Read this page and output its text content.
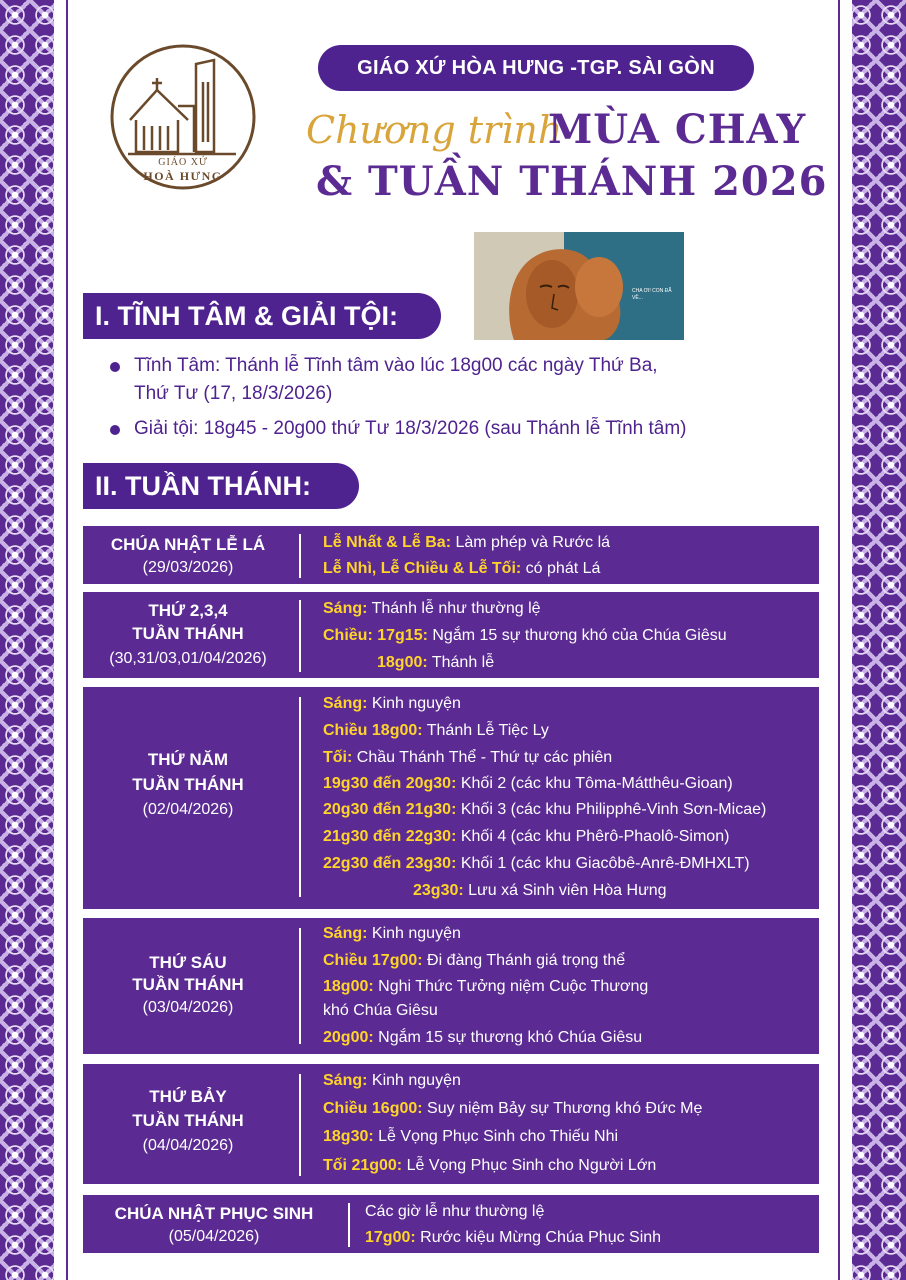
GIÁO XỨ
HOÀ HƯNG
GIÁO XỨ HÒA HƯNG -TGP. SÀI GÒN
Chương trình
MÙA CHAY
& TUẦN THÁNH 2026
CHA ƠI! CON ĐÃ VỀ...
I. TĨNH TÂM & GIẢI TỘI:
Tĩnh Tâm: Thánh lễ Tĩnh tâm vào lúc 18g00 các ngày Thứ Ba,
Thứ Tư (17, 18/3/2026)
Giải tội: 18g45 - 20g00 thứ Tư 18/3/2026 (sau Thánh lễ Tĩnh tâm)
II. TUẦN THÁNH:
CHÚA NHẬT LỄ LÁ
(29/03/2026)
Lễ Nhất & Lễ Ba: Làm phép và Rước lá
Lễ Nhì, Lễ Chiều & Lễ Tối: có phát Lá
THỨ 2,3,4
TUẦN THÁNH
(30,31/03,01/04/2026)
Sáng: Thánh lễ như thường lệ
Chiều: 17g15: Ngắm 15 sự thương khó của Chúa Giêsu
18g00: Thánh lễ
THỨ NĂM
TUẦN THÁNH
(02/04/2026)
Sáng: Kinh nguyện
Chiều 18g00: Thánh Lễ Tiệc Ly
Tối: Chầu Thánh Thể - Thứ tự các phiên
19g30 đến 20g30: Khối 2 (các khu Tôma-Mátthêu-Gioan)
20g30 đến 21g30: Khối 3 (các khu Philipphê-Vinh Sơn-Micae)
21g30 đến 22g30: Khối 4 (các khu Phêrô-Phaolô-Simon)
22g30 đến 23g30: Khối 1 (các khu Giacôbê-Anrê-ĐMHXLT)
23g30: Lưu xá Sinh viên Hòa Hưng
THỨ SÁU
TUẦN THÁNH
(03/04/2026)
Sáng: Kinh nguyện
Chiều 17g00: Đi đàng Thánh giá trọng thể
18g00: Nghi Thức Tưởng niệm Cuộc Thương
khó Chúa Giêsu
20g00: Ngắm 15 sự thương khó Chúa Giêsu
THỨ BẢY
TUẦN THÁNH
(04/04/2026)
Sáng: Kinh nguyện
Chiều 16g00: Suy niệm Bảy sự Thương khó Đức Mẹ
18g30: Lễ Vọng Phục Sinh cho Thiếu Nhi
Tối 21g00: Lễ Vọng Phục Sinh cho Người Lớn
CHÚA NHẬT PHỤC SINH
(05/04/2026)
Các giờ lễ như thường lệ
17g00: Rước kiệu Mừng Chúa Phục Sinh
